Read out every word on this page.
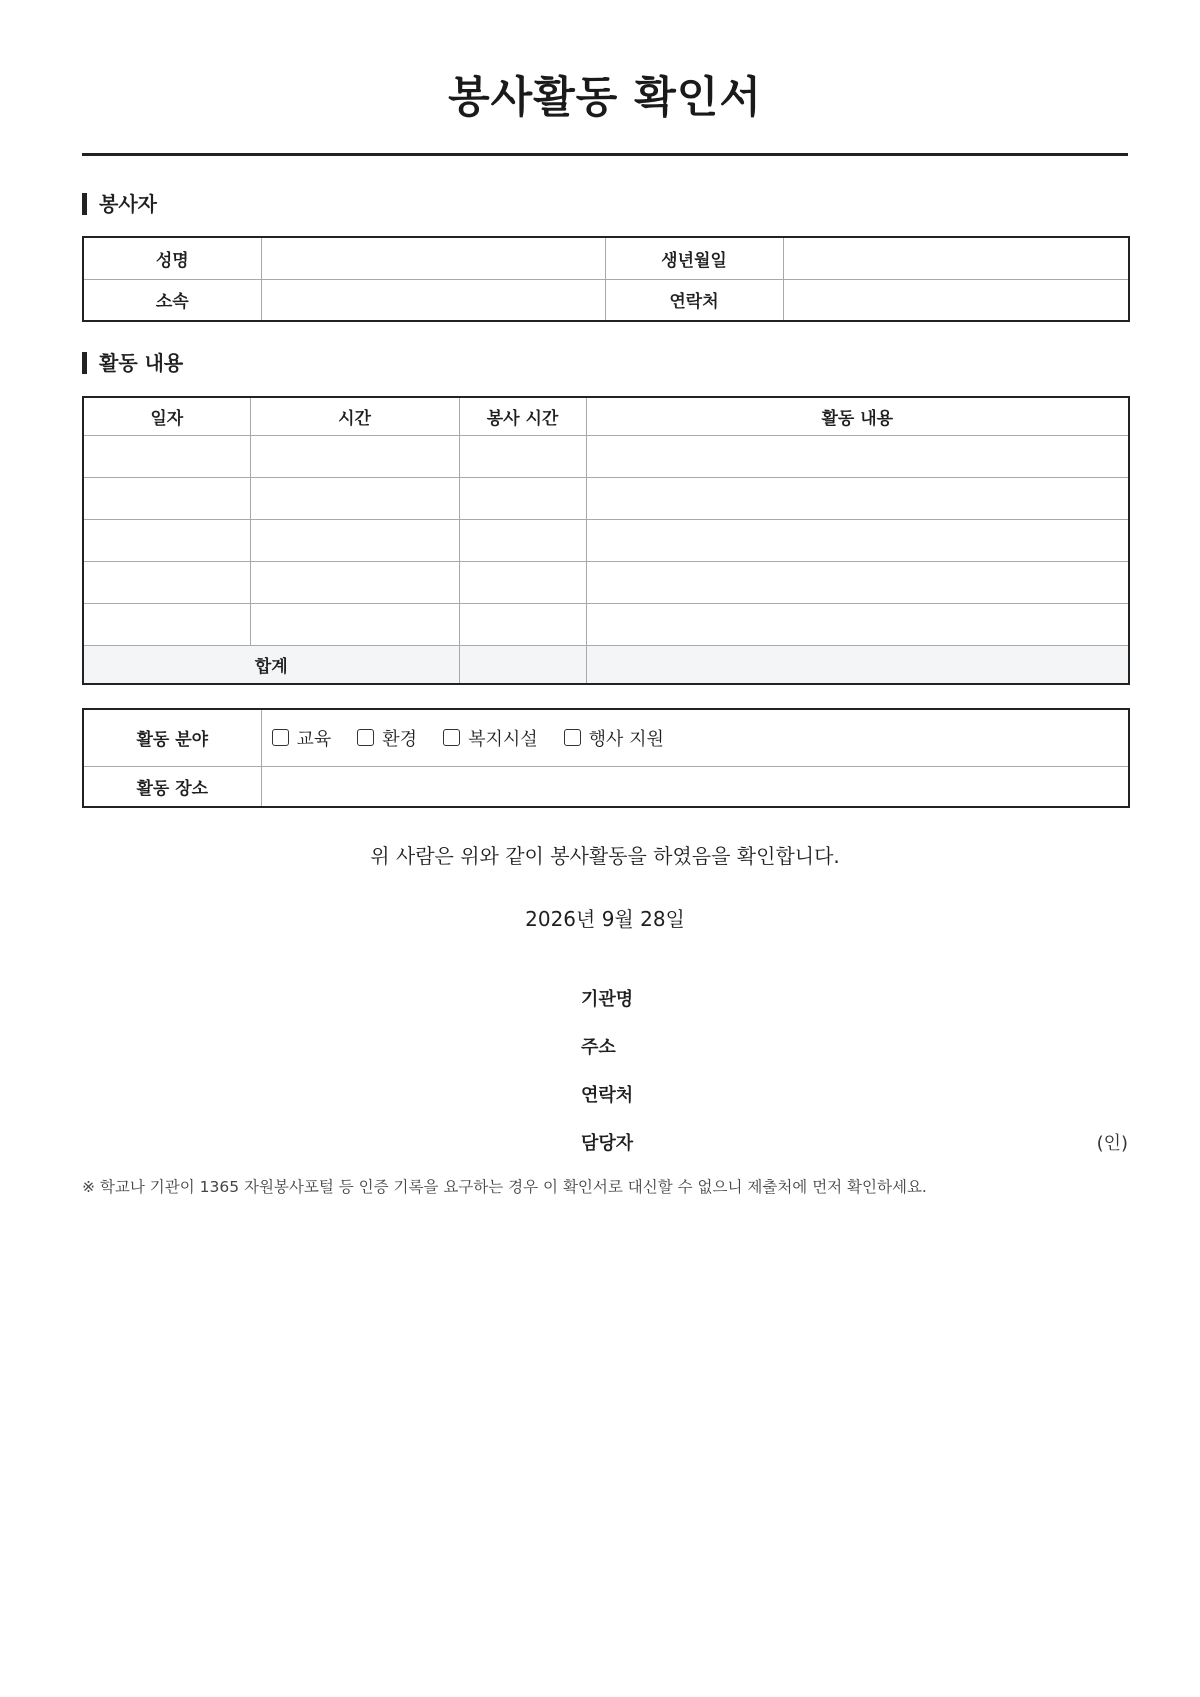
봉사활동 확인서
봉사자
성명		생년월일	
소속		연락처	
활동 내용
일자	시간	봉사 시간	활동 내용

합계			
활동 분야	교육 환경 복지시설 행사 지원

활동 장소	
위 사람은 위와 같이 봉사활동을 하였음을 확인합니다.
2026년 9월 28일
기관명
주소
연락처
담당자	(인)
※ 학교나 기관이 1365 자원봉사포털 등 인증 기록을 요구하는 경우 이 확인서로 대신할 수 없으니 제출처에 먼저 확인하세요.
